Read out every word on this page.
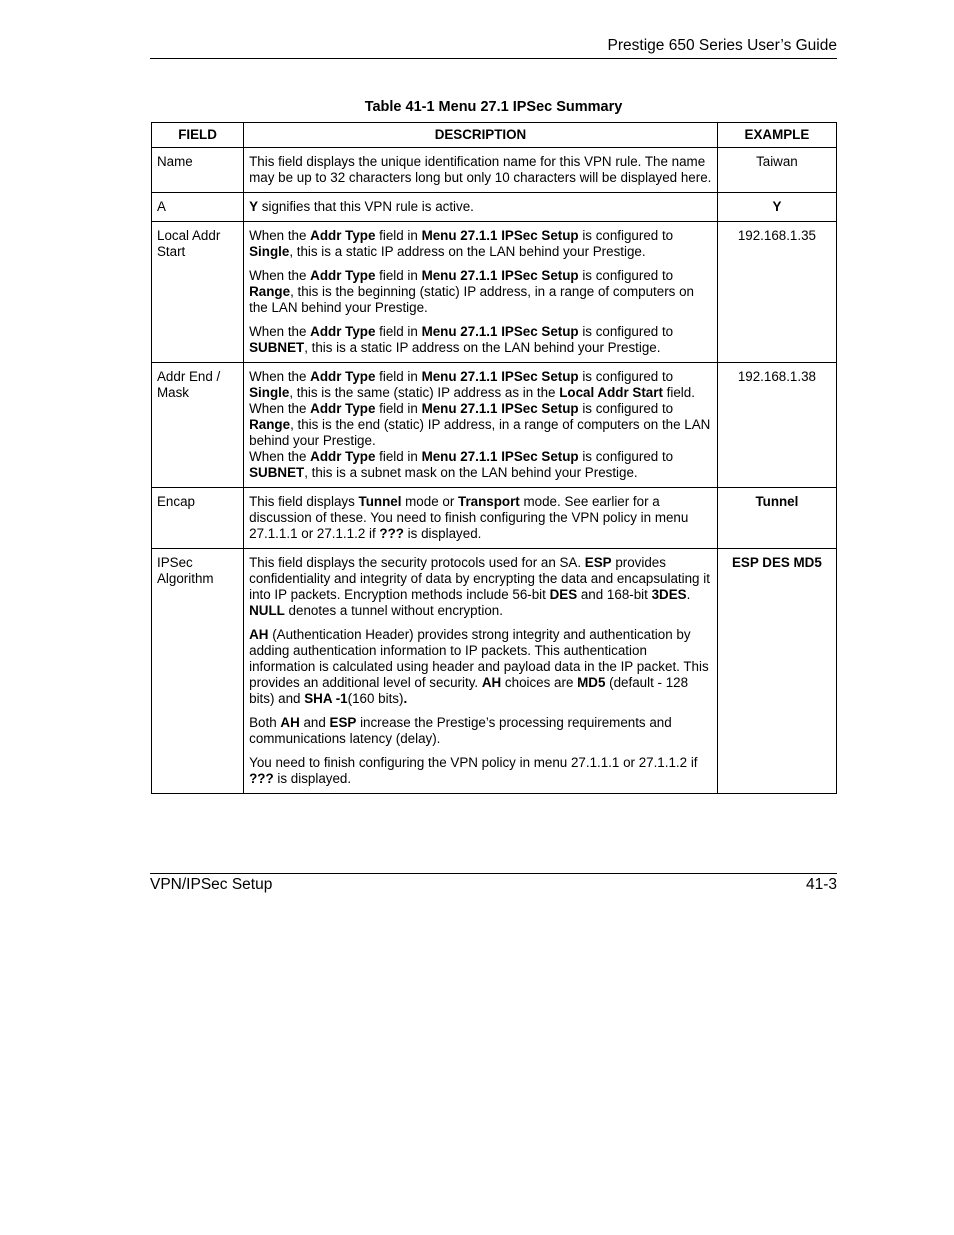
Prestige 650 Series User’s Guide
Table 41-1 Menu 27.1 IPSec Summary
FIELD	DESCRIPTION	EXAMPLE
Name	This field displays the unique identification name for this VPN rule. The name may be up to 32 characters long but only 10 characters will be displayed here.	Taiwan
A	Y signifies that this VPN rule is active.	Y
Local Addr Start	When the Addr Type field in Menu 27.1.1 IPSec Setup is configured to Single, this is a static IP address on the LAN behind your Prestige.

When the Addr Type field in Menu 27.1.1 IPSec Setup is configured to Range, this is the beginning (static) IP address, in a range of computers on the LAN behind your Prestige.

When the Addr Type field in Menu 27.1.1 IPSec Setup is configured to SUBNET, this is a static IP address on the LAN behind your Prestige.	192.168.1.35
Addr End / Mask	When the Addr Type field in Menu 27.1.1 IPSec Setup is configured to Single, this is the same (static) IP address as in the Local Addr Start field.

When the Addr Type field in Menu 27.1.1 IPSec Setup is configured to Range, this is the end (static) IP address, in a range of computers on the LAN behind your Prestige.

When the Addr Type field in Menu 27.1.1 IPSec Setup is configured to SUBNET, this is a subnet mask on the LAN behind your Prestige.	192.168.1.38
Encap	This field displays Tunnel mode or Transport mode. See earlier for a discussion of these. You need to finish configuring the VPN policy in menu 27.1.1.1 or 27.1.1.2 if ??? is displayed.	Tunnel
IPSec Algorithm	This field displays the security protocols used for an SA. ESP provides confidentiality and integrity of data by encrypting the data and encapsulating it into IP packets. Encryption methods include 56-bit DES and 168-bit 3DES. NULL denotes a tunnel without encryption.

AH (Authentication Header) provides strong integrity and authentication by adding authentication information to IP packets. This authentication information is calculated using header and payload data in the IP packet. This provides an additional level of security. AH choices are MD5 (default - 128 bits) and SHA -1(160 bits).

Both AH and ESP increase the Prestige’s processing requirements and communications latency (delay).

You need to finish configuring the VPN policy in menu 27.1.1.1 or 27.1.1.2 if ??? is displayed.	ESP DES MD5
VPN/IPSec Setup	41-3
